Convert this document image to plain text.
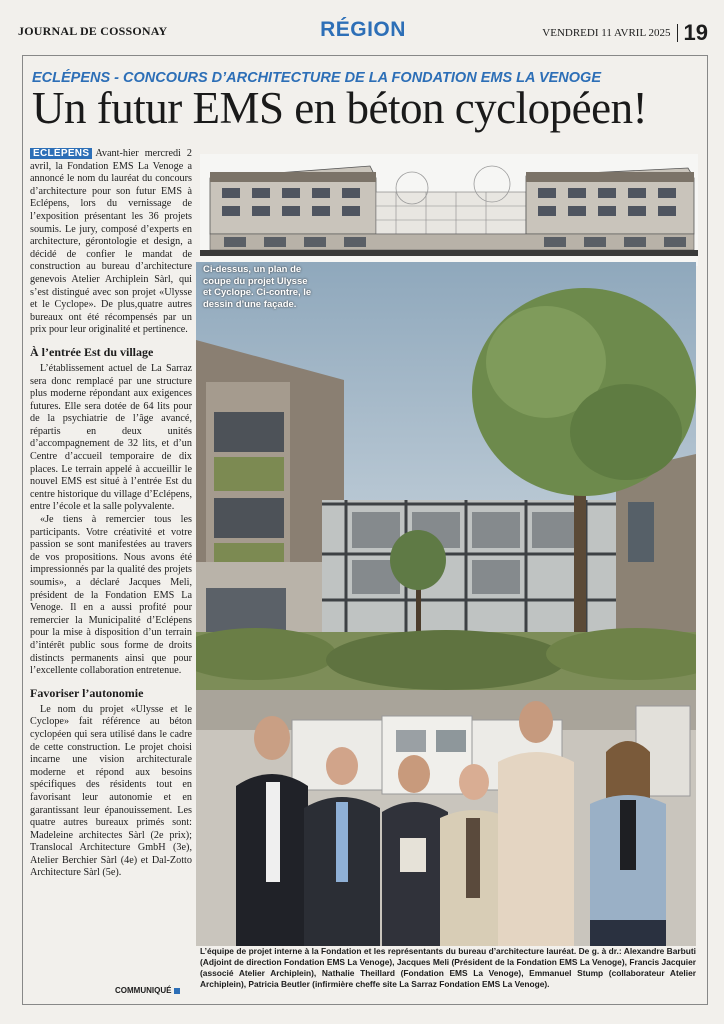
JOURNAL DE COSSONAY	RÉGION	VENDREDI 11 AVRIL 2025 19
ECLÉPENS - CONCOURS D’ARCHITECTURE DE LA FONDATION EMS LA VENOGE
Un futur EMS en béton cyclopéen!

ECLÉPENS Avant-hier mercredi 2 avril, la Fondation EMS La Venoge a annoncé le nom du lauréat du concours d’architecture pour son futur EMS à Eclépens, lors du vernissage de l’exposition présentant les 36 projets soumis. Le jury, composé d’experts en architecture, gérontologie et design, a décidé de confier le mandat de construction au bureau d’architecture genevois Atelier Archiplein Sàrl, qui s’est distingué avec son projet «Ulysse et le Cyclope». De plus,quatre autres bureaux ont été récompensés par un prix pour leur originalité et pertinence.

À l’entrée Est du village

L’établissement actuel de La Sarraz sera donc remplacé par une structure plus moderne répondant aux exigences futures. Elle sera dotée de 64 lits pour de la psychiatrie de l’âge avancé, répartis en deux unités d’accompagnement de 32 lits, et d’un Centre d’accueil temporaire de dix places. Le terrain appelé à accueillir le nouvel EMS est situé à l’entrée Est du centre historique du village d’Eclépens, entre l’école et la salle polyvalente.

«Je tiens à remercier tous les participants. Votre créativité et votre passion se sont manifestées au travers de vos propositions. Nous avons été impressionnés par la qualité des projets soumis», a déclaré Jacques Meli, président de la Fondation EMS La Venoge. Il en a aussi profité pour remercier la Municipalité d’Eclépens pour la mise à disposition d’un terrain d’intérêt public sous forme de droits distincts permanents ainsi que pour l’excellente collaboration entretenue.

Favoriser l’autonomie

Le nom du projet «Ulysse et le Cyclope» fait référence au béton cyclopéen qui sera utilisé dans le cadre de cette construction. Le projet choisi incarne une vision architecturale moderne et répond aux besoins spécifiques des résidents tout en favorisant leur autonomie et en garantissant leur épanouissement. Les quatre autres bureaux primés sont: Madeleine architectes Sàrl (2e prix); Translocal Architecture GmbH (3e), Atelier Berchier Sàrl (4e) et Dal-Zotto Architecture Sàrl (5e).

COMMUNIQUÉ
Ci-dessus, un plan de coupe du projet Ulysse et Cyclope. Ci-contre, le dessin d’une façade.
L’équipe de projet interne à la Fondation et les représentants du bureau d’architecture lauréat. De g. à dr.: Alexandre Barbuti (Adjoint de direction Fondation EMS La Venoge), Jacques Meli (Président de la Fondation EMS La Venoge), Francis Jacquier (associé Atelier Archiplein), Nathalie Theillard (Fondation EMS La Venoge), Emmanuel Stump (collaborateur Atelier Archiplein), Patricia Beutler (infirmière cheffe site La Sarraz Fondation EMS La Venoge).
